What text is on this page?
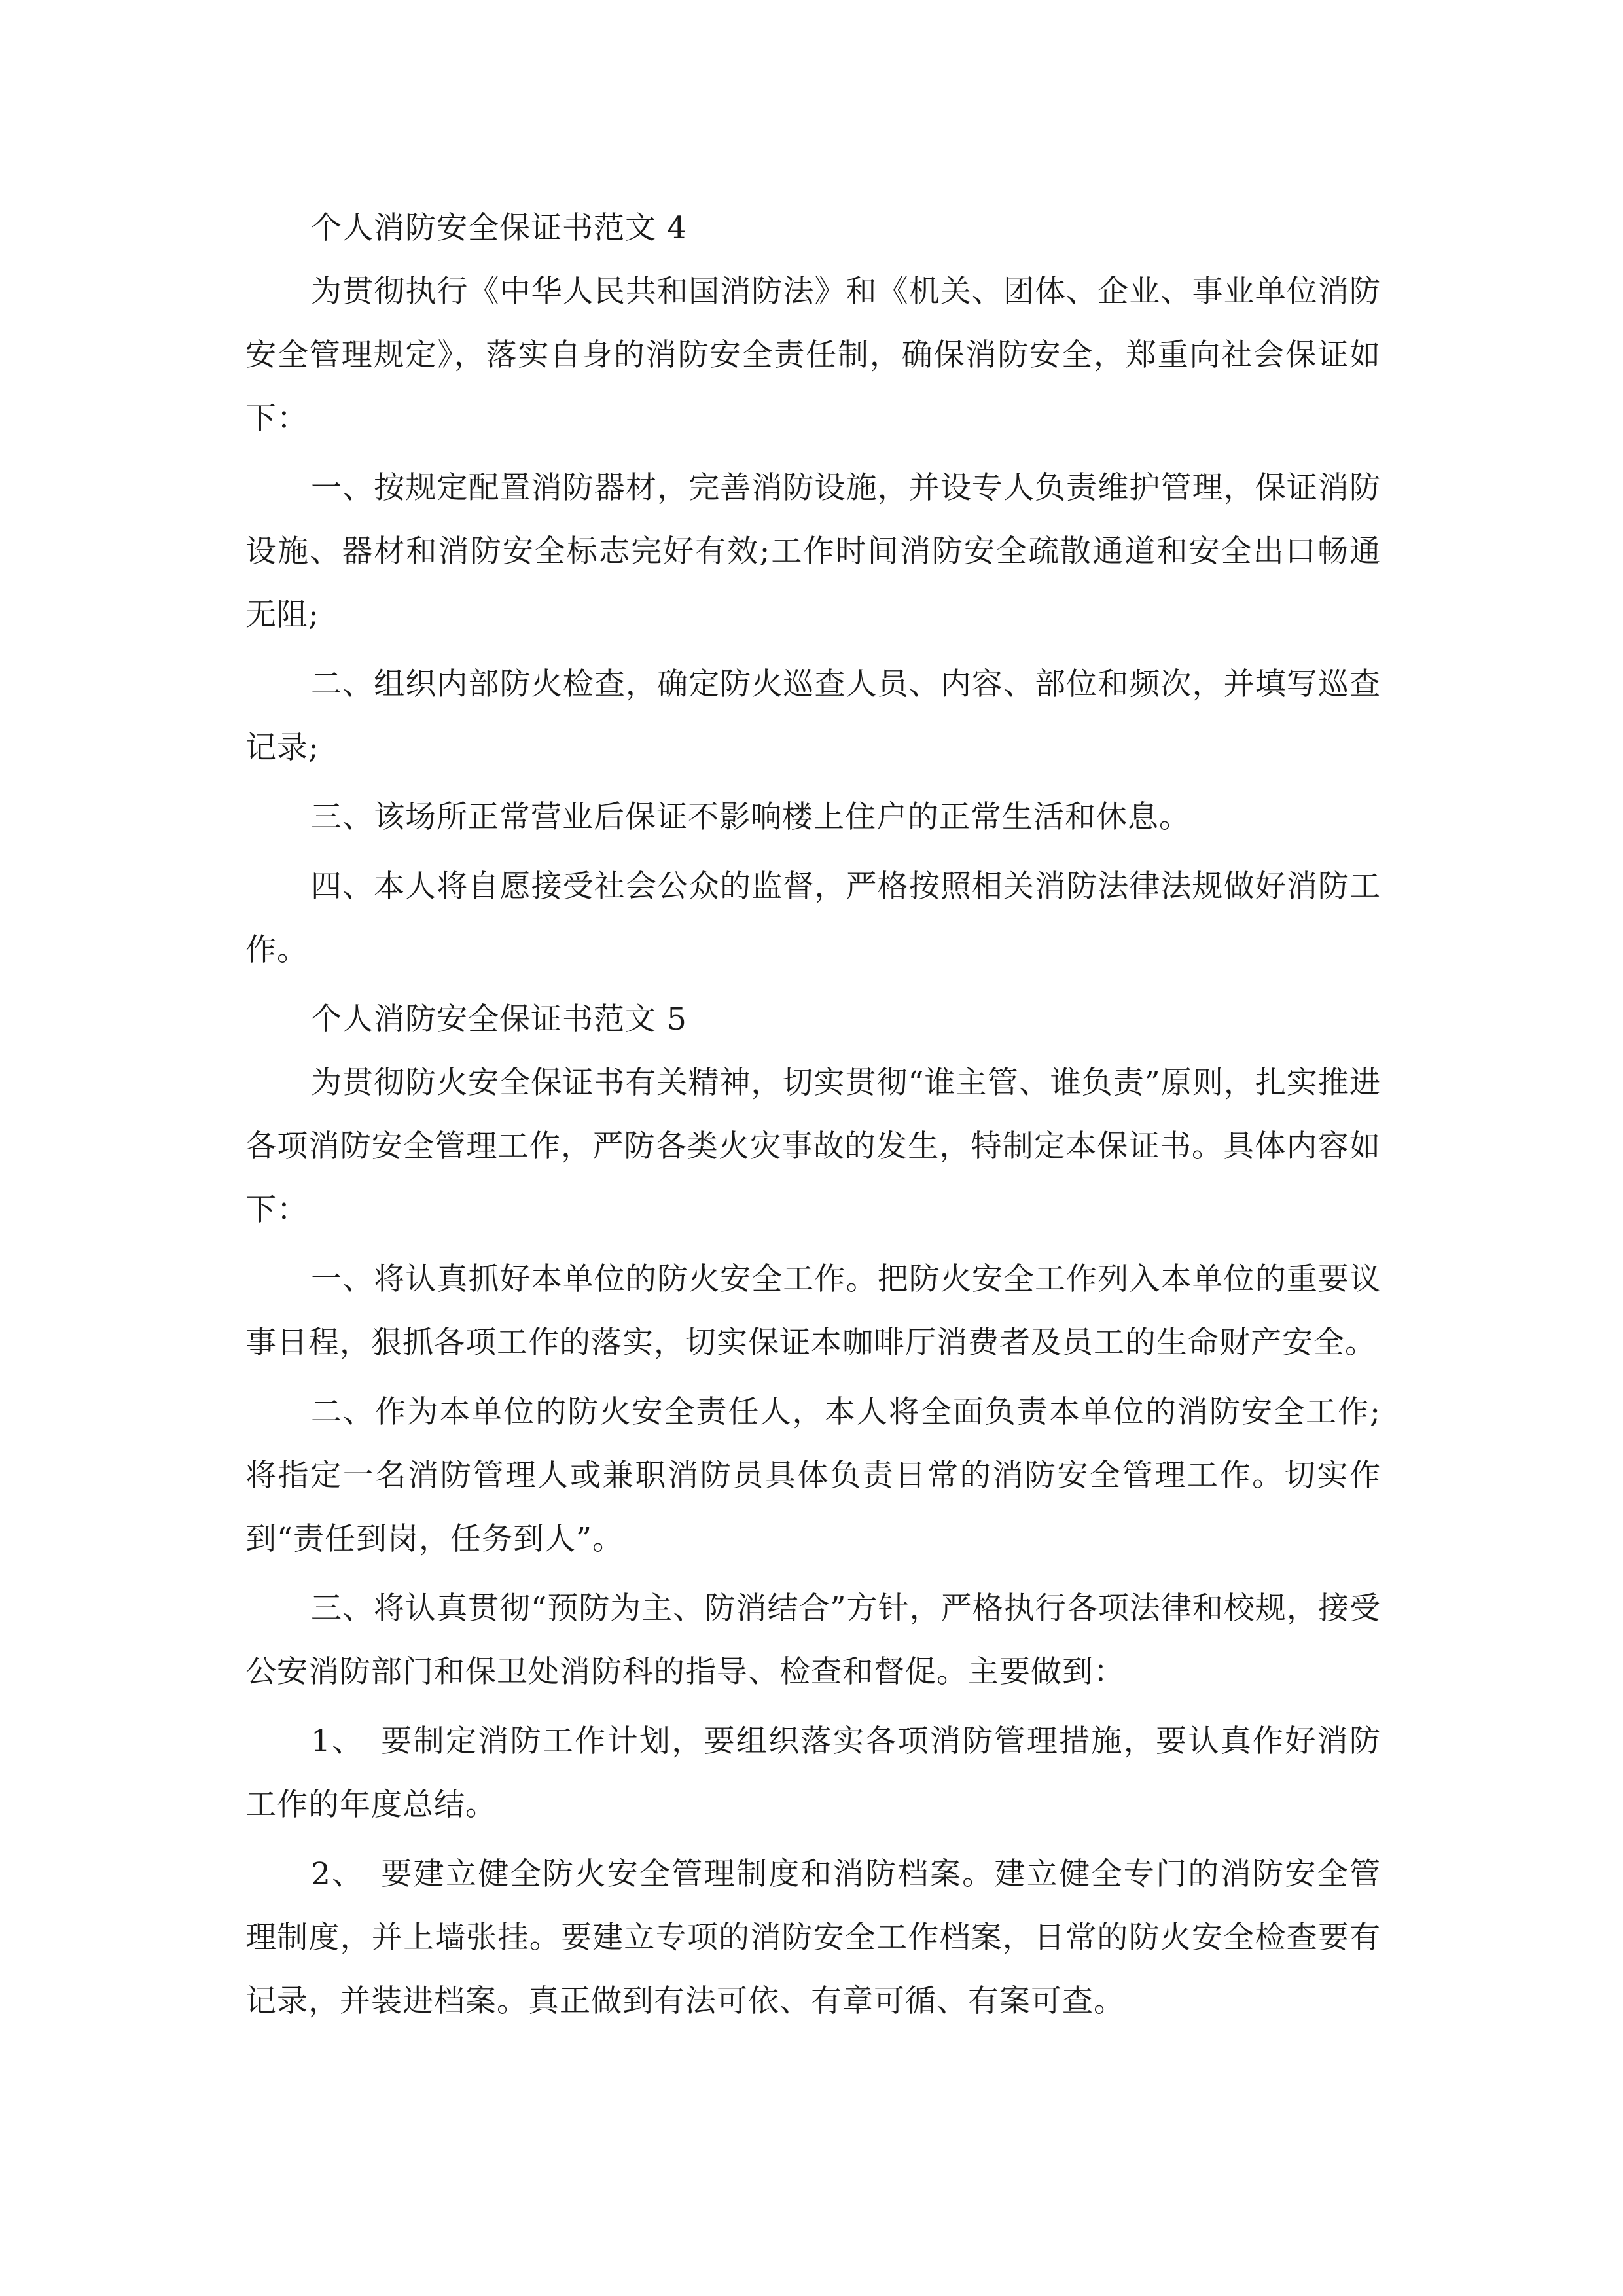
个人消防安全保证书范文 4

为贯彻执行《中华人民共和国消防法》和《机关、团体、企业、事业单位消防安全管理规定》，落实自身的消防安全责任制，确保消防安全，郑重向社会保证如下：

一、按规定配置消防器材，完善消防设施，并设专人负责维护管理，保证消防设施、器材和消防安全标志完好有效;工作时间消防安全疏散通道和安全出口畅通无阻;

二、组织内部防火检查，确定防火巡查人员、内容、部位和频次，并填写巡查记录;

三、该场所正常营业后保证不影响楼上住户的正常生活和休息。

四、本人将自愿接受社会公众的监督，严格按照相关消防法律法规做好消防工作。

个人消防安全保证书范文 5

为贯彻防火安全保证书有关精神，切实贯彻“谁主管、谁负责”原则，扎实推进各项消防安全管理工作，严防各类火灾事故的发生，特制定本保证书。具体内容如下：

一、将认真抓好本单位的防火安全工作。把防火安全工作列入本单位的重要议事日程，狠抓各项工作的落实，切实保证本咖啡厅消费者及员工的生命财产安全。

二、作为本单位的防火安全责任人，本人将全面负责本单位的消防安全工作;将指定一名消防管理人或兼职消防员具体负责日常的消防安全管理工作。切实作到“责任到岗，任务到人”。

三、将认真贯彻“预防为主、防消结合”方针，严格执行各项法律和校规，接受公安消防部门和保卫处消防科的指导、检查和督促。主要做到：

1、　要制定消防工作计划，要组织落实各项消防管理措施，要认真作好消防工作的年度总结。

2、　要建立健全防火安全管理制度和消防档案。建立健全专门的消防安全管理制度，并上墙张挂。要建立专项的消防安全工作档案，日常的防火安全检查要有记录，并装进档案。真正做到有法可依、有章可循、有案可查。
